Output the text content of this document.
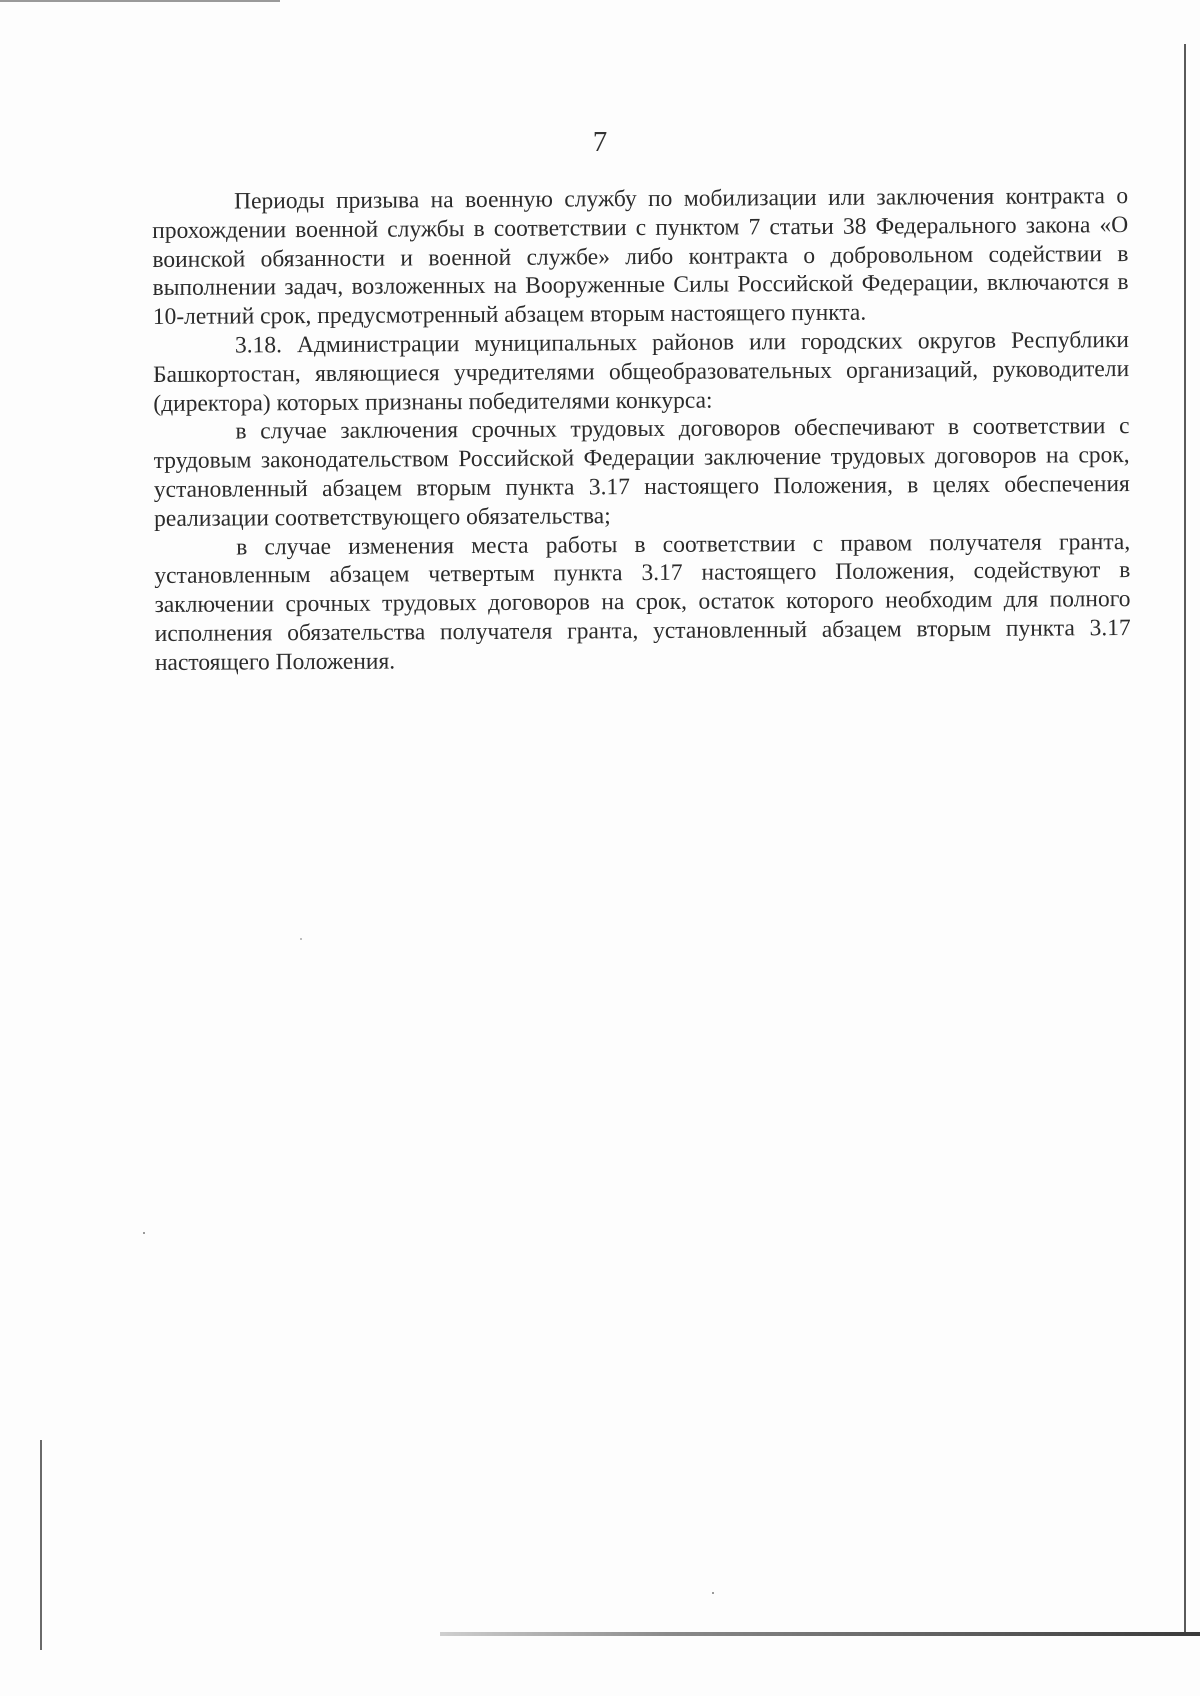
7

Периоды призыва на военную службу по мобилизации или заключения контракта о прохождении военной службы в соответствии с пунктом 7 статьи 38 Федерального закона «О воинской обязанности и военной службе» либо контракта о добровольном содействии в выполнении задач, возложенных на Вооруженные Силы Российской Федерации, включаются в 10-летний срок, предусмотренный абзацем вторым настоящего пункта.

3.18. Администрации муниципальных районов или городских округов Республики Башкортостан, являющиеся учредителями общеобразовательных организаций, руководители (директора) которых признаны победителями конкурса:

в случае заключения срочных трудовых договоров обеспечивают в соответствии с трудовым законодательством Российской Федерации заключение трудовых договоров на срок, установленный абзацем вторым пункта 3.17 настоящего Положения, в целях обеспечения реализации соответствующего обязательства;

в случае изменения места работы в соответствии с правом получателя гранта, установленным абзацем четвертым пункта 3.17 настоящего Положения, содействуют в заключении срочных трудовых договоров на срок, остаток которого необходим для полного исполнения обязательства получателя гранта, установленный абзацем вторым пункта 3.17 настоящего Положения.
